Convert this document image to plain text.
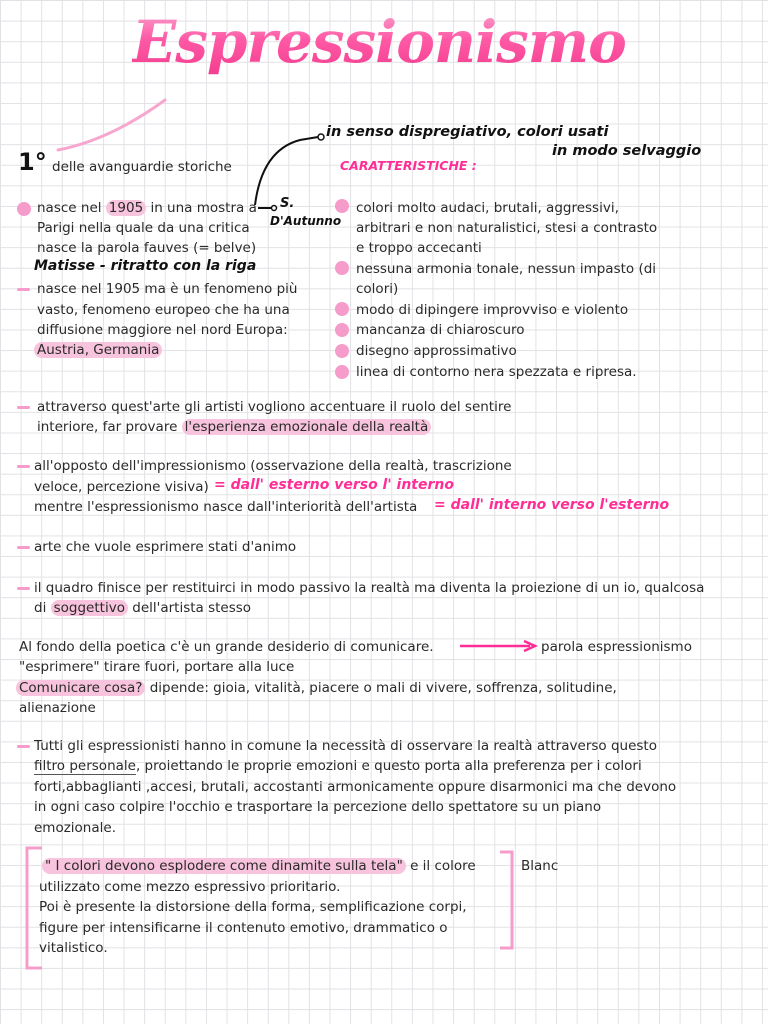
Espressionismo
1° delle avanguardie storiche
in senso dispregiativo, colori usati
in modo selvaggio
CARATTERISTICHE :
nasce nel 1905 in una mostra a S.
D'Autunno
Parigi nella quale da una critica
nasce la parola fauves (= belve)
Matisse - ritratto con la riga
nasce nel 1905 ma è un fenomeno più
vasto, fenomeno europeo che ha una
diffusione maggiore nel nord Europa:
Austria, Germania
colori molto audaci, brutali, aggressivi,
arbitrari e non naturalistici, stesi a contrasto
e troppo accecanti
nessuna armonia tonale, nessun impasto (di
colori)
modo di dipingere improvviso e violento
mancanza di chiaroscuro
disegno approssimativo
linea di contorno nera spezzata e ripresa.
attraverso quest'arte gli artisti vogliono accentuare il ruolo del sentire
interiore, far provare l'esperienza emozionale della realtà
all'opposto dell'impressionismo (osservazione della realtà, trascrizione
veloce, percezione visiva) = dall' esterno verso l' interno
mentre l'espressionismo nasce dall'interiorità dell'artista = dall' interno verso l'esterno
arte che vuole esprimere stati d'animo
il quadro finisce per restituirci in modo passivo la realtà ma diventa la proiezione di un io, qualcosa
di soggettivo dell'artista stesso
Al fondo della poetica c'è un grande desiderio di comunicare.	parola espressionismo
"esprimere" tirare fuori, portare alla luce
Comunicare cosa? dipende: gioia, vitalità, piacere o mali di vivere, soffrenza, solitudine,
alienazione
Tutti gli espressionisti hanno in comune la necessità di osservare la realtà attraverso questo
filtro personale, proiettando le proprie emozioni e questo porta alla preferenza per i colori
forti,abbaglianti ,accesi, brutali, accostanti armonicamente oppure disarmonici ma che devono
in ogni caso colpire l'occhio e trasportare la percezione dello spettatore su un piano
emozionale.
" I colori devono esplodere come dinamite sulla tela" e il colore	Blanc
utilizzato come mezzo espressivo prioritario.
Poi è presente la distorsione della forma, semplificazione corpi,
figure per intensificarne il contenuto emotivo, drammatico o
vitalistico.
